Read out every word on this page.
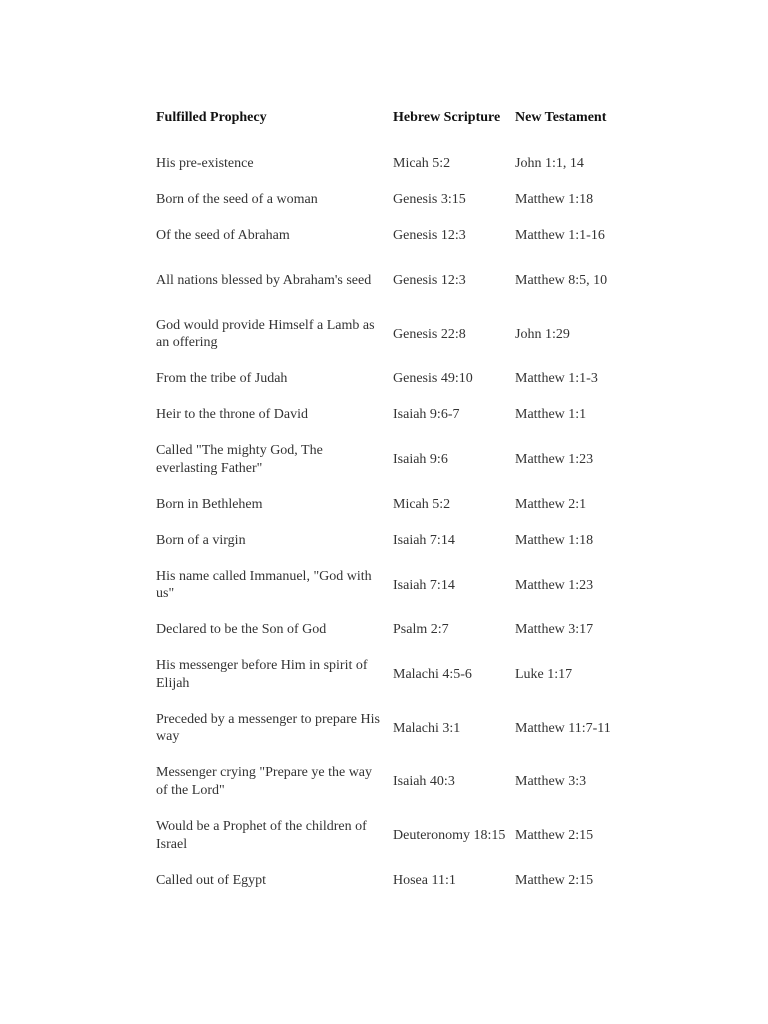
Fulfilled Prophecy	Hebrew Scripture	New Testament
His pre-existence	Micah 5:2	John 1:1, 14
Born of the seed of a woman	Genesis 3:15	Matthew 1:18
Of the seed of Abraham	Genesis 12:3	Matthew 1:1-16
All nations blessed by Abraham's seed	Genesis 12:3	Matthew 8:5, 10
God would provide Himself a Lamb as an offering	Genesis 22:8	John 1:29
From the tribe of Judah	Genesis 49:10	Matthew 1:1-3
Heir to the throne of David	Isaiah 9:6-7	Matthew 1:1
Called "The mighty God, The everlasting Father"	Isaiah 9:6	Matthew 1:23
Born in Bethlehem	Micah 5:2	Matthew 2:1
Born of a virgin	Isaiah 7:14	Matthew 1:18
His name called Immanuel, "God with us"	Isaiah 7:14	Matthew 1:23
Declared to be the Son of God	Psalm 2:7	Matthew 3:17
His messenger before Him in spirit of Elijah	Malachi 4:5-6	Luke 1:17
Preceded by a messenger to prepare His way	Malachi 3:1	Matthew 11:7-11
Messenger crying "Prepare ye the way of the Lord"	Isaiah 40:3	Matthew 3:3
Would be a Prophet of the children of Israel	Deuteronomy 18:15	Matthew 2:15
Called out of Egypt	Hosea 11:1	Matthew 2:15
